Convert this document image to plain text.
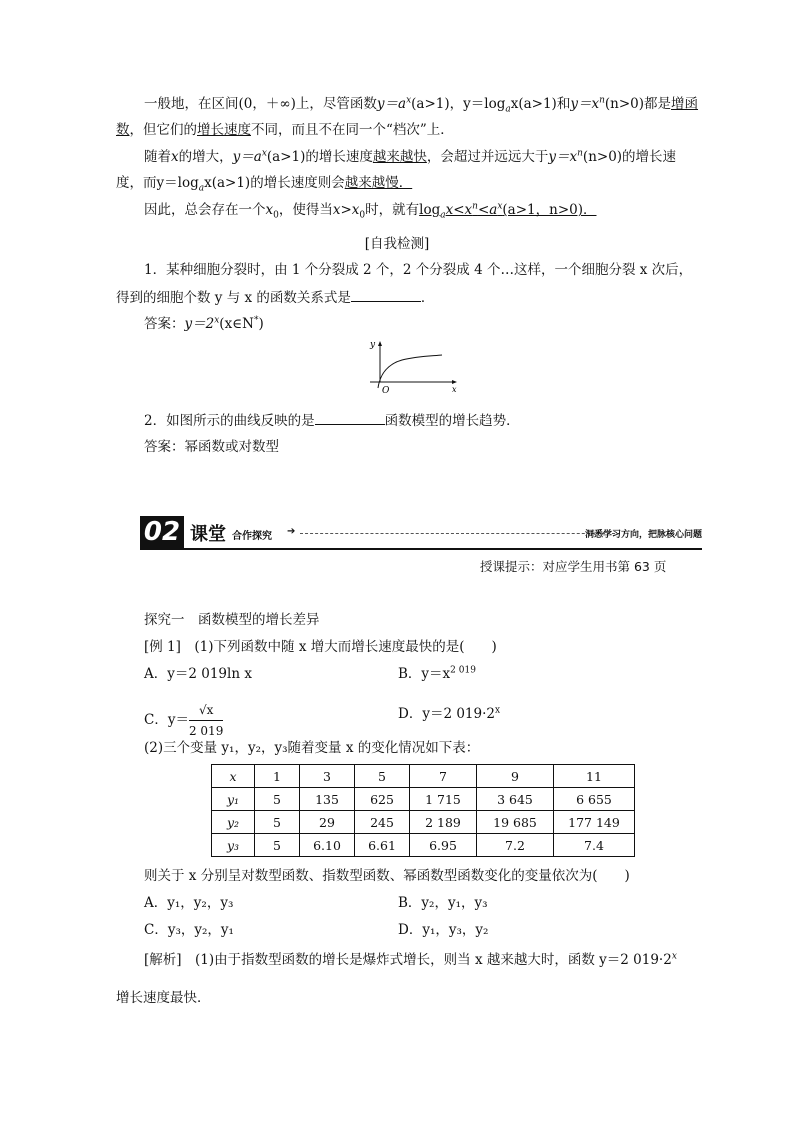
一般地，在区间(0，＋∞)上，尽管函数$y=a^x(a>1)$，$y=\log_ax(a>1)$和$y=x^n(n>0)$都是增函
数，但它们的增长速度不同，而且不在同一个“档次”上．
随着x的增大，$y=a^x(a>1)$的增长速度越来越快，会超过并远远大于$y=x^n(n>0)$的增长速
度，而$y=\log_ax(a>1)$的增长速度则会越来越慢．
因此，总会存在一个$x_0$，使得当$x>x_0$时，就有$\log_ax<x^n<a^x(a>1$，n>0)．
[自我检测]
1．某种细胞分裂时，由 1 个分裂成 2 个，2 个分裂成 4 个…这样，一个细胞分裂 x 次后，
得到的细胞个数 y 与 x 的函数关系式是	．
答案：$y=2^x(x\in N^*)$
y
O	x
2．如图所示的曲线反映的是	函数模型的增长趋势．
答案：幂函数或对数型
02 课堂 合作探究 ➔	洞悉学习方向，把脉核心问题
授课提示：对应学生用书第 63 页
探究一　函数模型的增长差异
[例 1]　(1)下列函数中随 x 增大而增长速度最快的是(　　)
A．y＝2 019ln x	B．$y=x^{2 019}$
C．$y= \frac{√x}{2 019}$	D．y＝2 $019\cdot 2^x$
(2)三个变量 y₁，y₂，y₃随着变量 x 的变化情况如下表：
x	1	3	5	7	9	11
y₁	5	135	625	1 715	3 645	6 655
y₂	5	29	245	2 189	19 685	177 149
y₃	5	6.10	6.61	6.95	7.2	7.4
则关于 x 分别呈对数型函数、指数型函数、幂函数型函数变化的变量依次为(　　)
A．y₁，y₂，y₃	B．y₂，y₁，y₃
C．y₃，y₂，y₁	D．y₁，y₃，y₂
[解析]　(1)由于指数型函数的增长是爆炸式增长，则当 x 越来越大时，函数 y＝2 $019\cdot 2^x$
增长速度最快．
